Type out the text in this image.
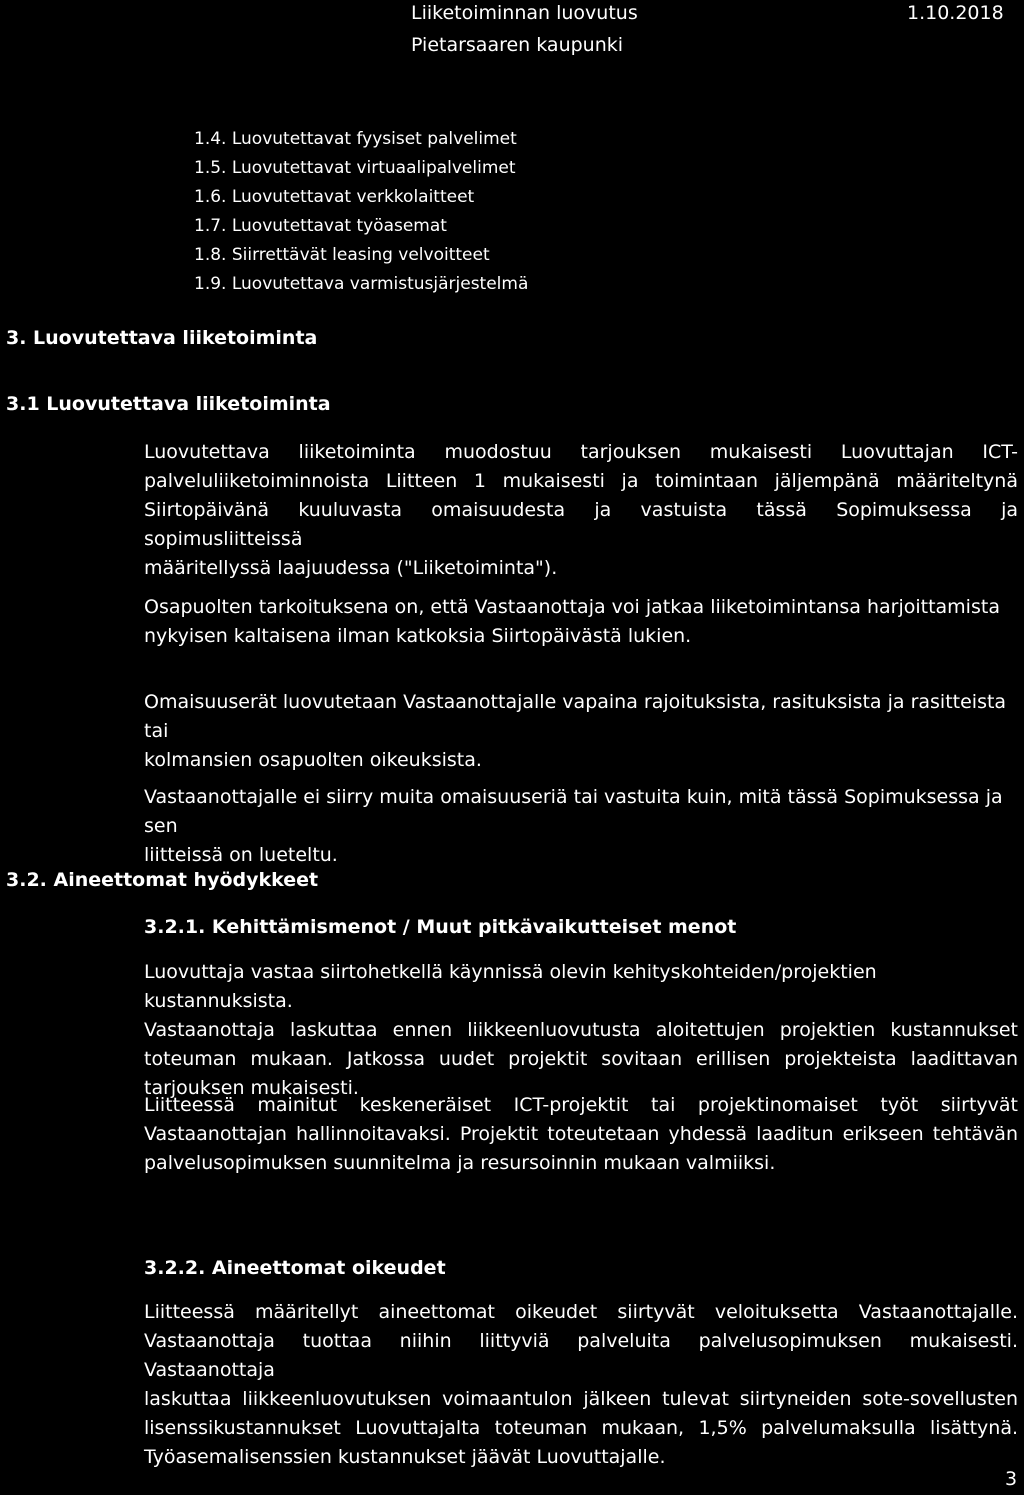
Liiketoiminnan luovutus	1.10.2018
Pietarsaaren kaupunki
1.4. Luovutettavat fyysiset palvelimet
1.5. Luovutettavat virtuaalipalvelimet
1.6. Luovutettavat verkkolaitteet
1.7. Luovutettavat työasemat
1.8. Siirrettävät leasing velvoitteet
1.9. Luovutettava varmistusjärjestelmä
3. Luovutettava liiketoiminta
3.1 Luovutettava liiketoiminta
Luovutettava liiketoiminta muodostuu tarjouksen mukaisesti Luovuttajan ICT-
palveluliiketoiminnoista Liitteen 1 mukaisesti ja toimintaan jäljempänä määriteltynä
Siirtopäivänä kuuluvasta omaisuudesta ja vastuista tässä Sopimuksessa ja sopimusliitteissä
määritellyssä laajuudessa ("Liiketoiminta").
Osapuolten tarkoituksena on, että Vastaanottaja voi jatkaa liiketoimintansa harjoittamista
nykyisen kaltaisena ilman katkoksia Siirtopäivästä lukien.
Omaisuuserät luovutetaan Vastaanottajalle vapaina rajoituksista, rasituksista ja rasitteista tai
kolmansien osapuolten oikeuksista.
Vastaanottajalle ei siirry muita omaisuuseriä tai vastuita kuin, mitä tässä Sopimuksessa ja sen
liitteissä on lueteltu.
3.2. Aineettomat hyödykkeet
3.2.1. Kehittämismenot / Muut pitkävaikutteiset menot
Luovuttaja vastaa siirtohetkellä käynnissä olevin kehityskohteiden/projektien kustannuksista.
Vastaanottaja laskuttaa ennen liikkeenluovutusta aloitettujen projektien kustannukset
toteuman mukaan. Jatkossa uudet projektit sovitaan erillisen projekteista laadittavan
tarjouksen mukaisesti.
Liitteessä mainitut keskeneräiset ICT-projektit tai projektinomaiset työt siirtyvät
Vastaanottajan hallinnoitavaksi. Projektit toteutetaan yhdessä laaditun erikseen tehtävän
palvelusopimuksen suunnitelma ja resursoinnin mukaan valmiiksi.
3.2.2. Aineettomat oikeudet
Liitteessä määritellyt aineettomat oikeudet siirtyvät veloituksetta Vastaanottajalle.
Vastaanottaja tuottaa niihin liittyviä palveluita palvelusopimuksen mukaisesti. Vastaanottaja
laskuttaa liikkeenluovutuksen voimaantulon jälkeen tulevat siirtyneiden sote-sovellusten
lisenssikustannukset Luovuttajalta toteuman mukaan, 1,5% palvelumaksulla lisättynä.
Työasemalisenssien kustannukset jäävät Luovuttajalle.
3
